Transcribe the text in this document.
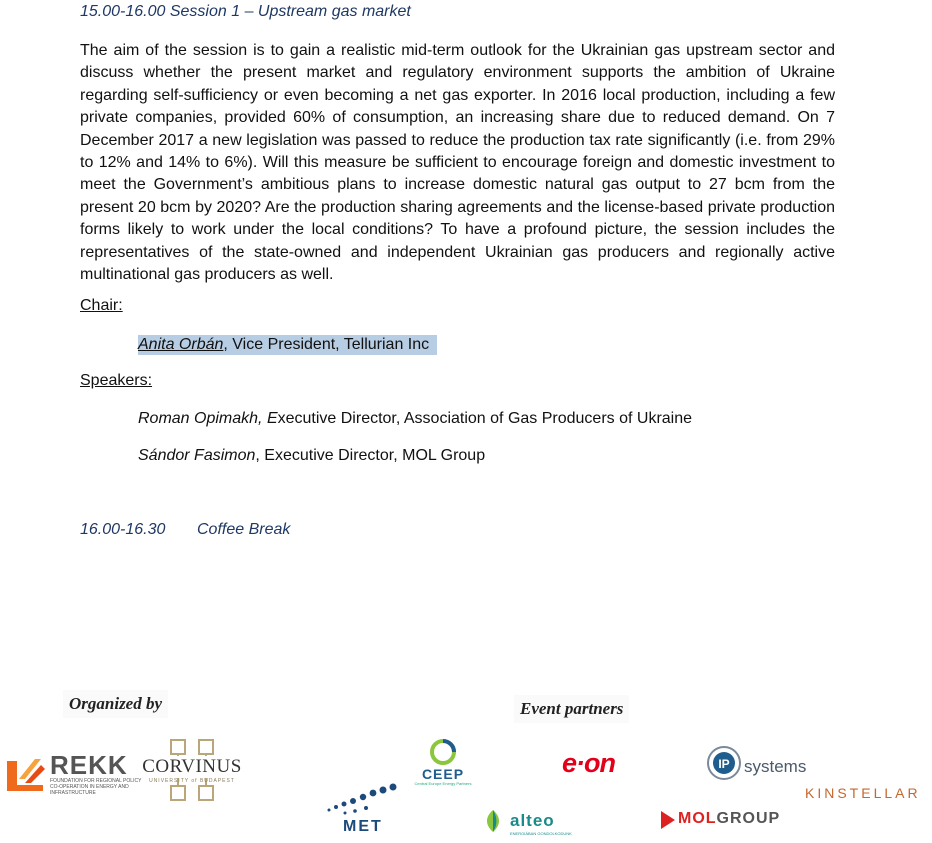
15.00-16.00 Session 1 – Upstream gas market
The aim of the session is to gain a realistic mid-term outlook for the Ukrainian gas upstream sector and discuss whether the present market and regulatory environment supports the ambition of Ukraine regarding self-sufficiency or even becoming a net gas exporter. In 2016 local production, including a few private companies, provided 60% of consumption, an increasing share due to reduced demand. On 7 December 2017 a new legislation was passed to reduce the production tax rate significantly (i.e. from 29% to 12% and 14% to 6%). Will this measure be sufficient to encourage foreign and domestic investment to meet the Government’s ambitious plans to increase domestic natural gas output to 27 bcm from the present 20 bcm by 2020? Are the production sharing agreements and the license-based private production forms likely to work under the local conditions? To have a profound picture, the session includes the representatives of the state-owned and independent Ukrainian gas producers and regionally active multinational gas producers as well.
Chair:
Anita Orbán, Vice President, Tellurian Inc
Speakers:
Roman Opimakh, Executive Director, Association of Gas Producers of Ukraine
Sándor Fasimon, Executive Director, MOL Group
16.00-16.30 Coffee Break
Organized by	Event partners
REKK
FOUNDATION FOR REGIONAL POLICY CO-OPERATION IN ENERGY AND INFRASTRUCTURE
CORVINUS
UNIVERSITY of BUDAPEST	CEEP
Central Europe Energy Partners
MET
e·on
alteo
ENERGIÁBAN GONDOLKODUNK
IP systems
KINSTELLAR
MOLGROUP
